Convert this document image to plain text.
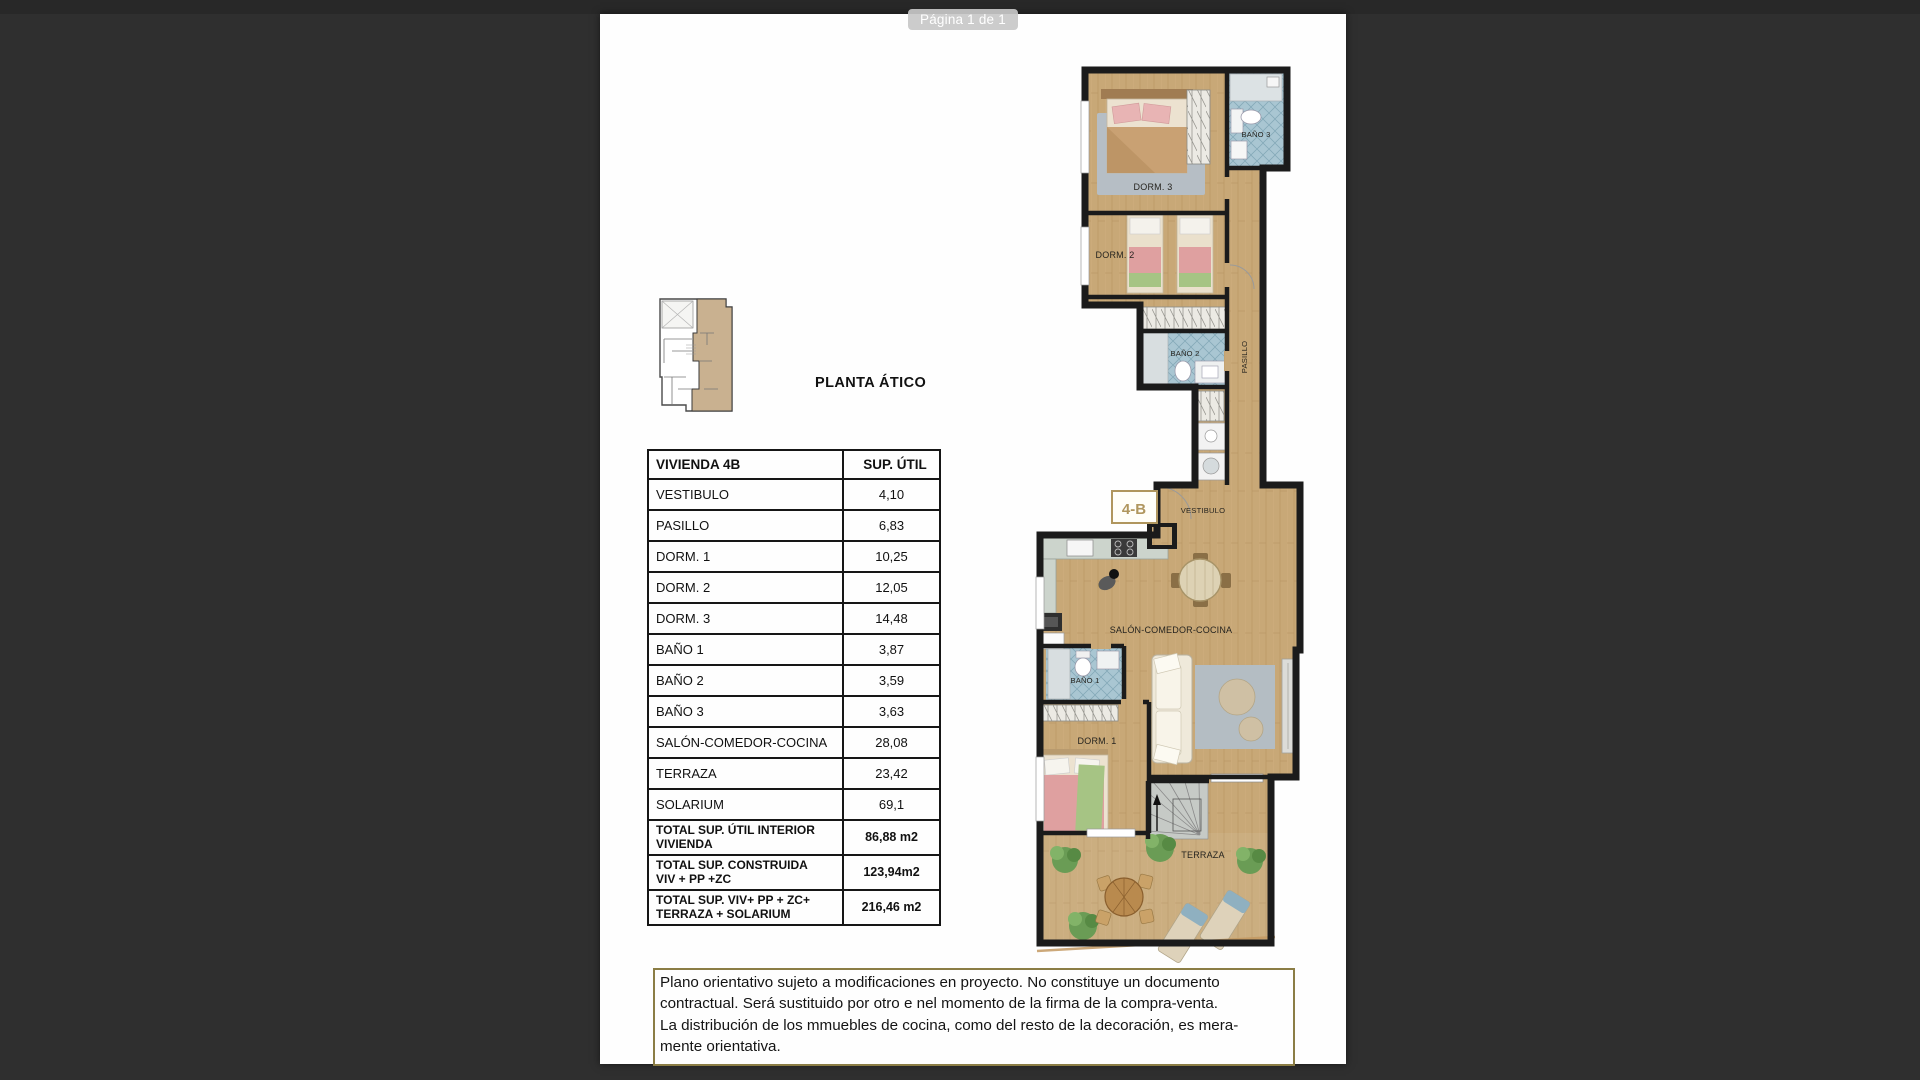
Página 1 de 1
PLANTA ÁTICO
VIVIENDA 4B	SUP. ÚTIL
VESTIBULO	4,10
PASILLO	6,83
DORM. 1	10,25
DORM. 2	12,05
DORM. 3	14,48
BAÑO 1	3,87
BAÑO 2	3,59
BAÑO 3	3,63
SALÓN-COMEDOR-COCINA	28,08
TERRAZA	23,42
SOLARIUM	69,1
TOTAL SUP. ÚTIL INTERIOR
VIVIENDA	86,88 m2
TOTAL SUP. CONSTRUIDA
VIV + PP +ZC	123,94m2
TOTAL SUP. VIV+ PP + ZC+
TERRAZA + SOLARIUM	216,46 m2
4-B
DORM. 3
BAÑO 3
DORM. 2
BAÑO 2	PASILLO
VESTIBULO
SALÓN-COMEDOR-COCINA
BAÑO 1
DORM. 1
TERRAZA
Plano orientativo sujeto a modificaciones en proyecto. No constituye un documento
contractual. Será sustituido por otro e nel momento de la firma de la compra-venta.
La distribución de los mmuebles de cocina, como del resto de la decoración, es mera-
mente orientativa.
